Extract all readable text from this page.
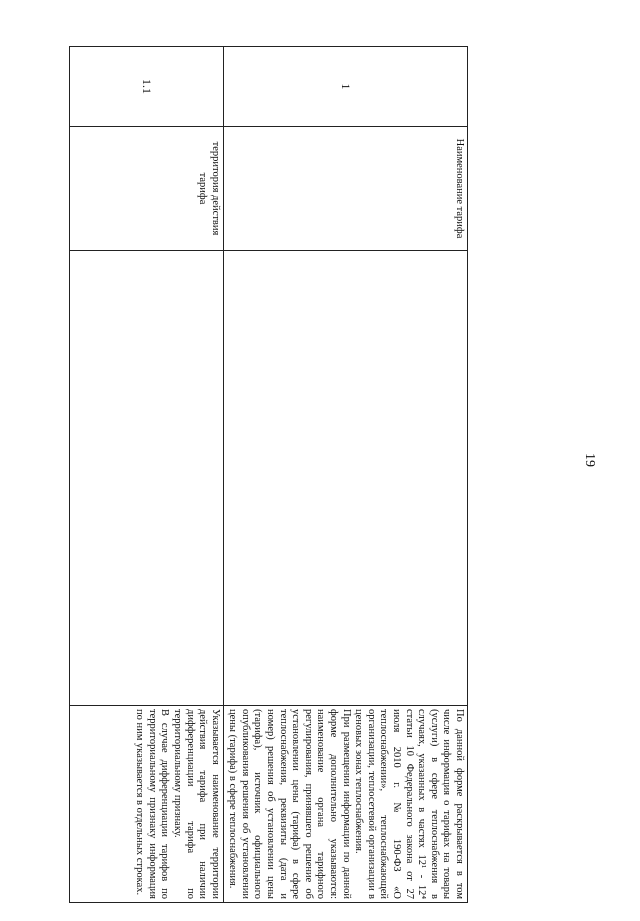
19
1	Наименование тарифа		По данной форме раскрывается в том числе информация о тарифах на товары (услуги) в сфере теплоснабжения в случаях, указанных в частях 12¹ - 12⁴ статьи 10 Федерального закона от 27 июля 2010 г. № 190-ФЗ «О теплоснабжении», теплоснабжающей организации, теплосетевой организации в ценовых зонах теплоснабжения.

При размещении информации по данной форме дополнительно указываются: наименование органа тарифного регулирования, принявшего решение об установлении цены (тарифа) в сфере теплоснабжения, реквизиты (дата и номер) решения об установлении цены (тарифа), источник официального опубликования решения об установлении цены (тарифа) в сфере теплоснабжения.

1.1	территория действия тарифа		Указывается наименование территории действия тарифа при наличии дифференциации тарифа по территориальному признаку.

В случае дифференциации тарифов по территориальному признаку информация по ним указывается в отдельных строках.
